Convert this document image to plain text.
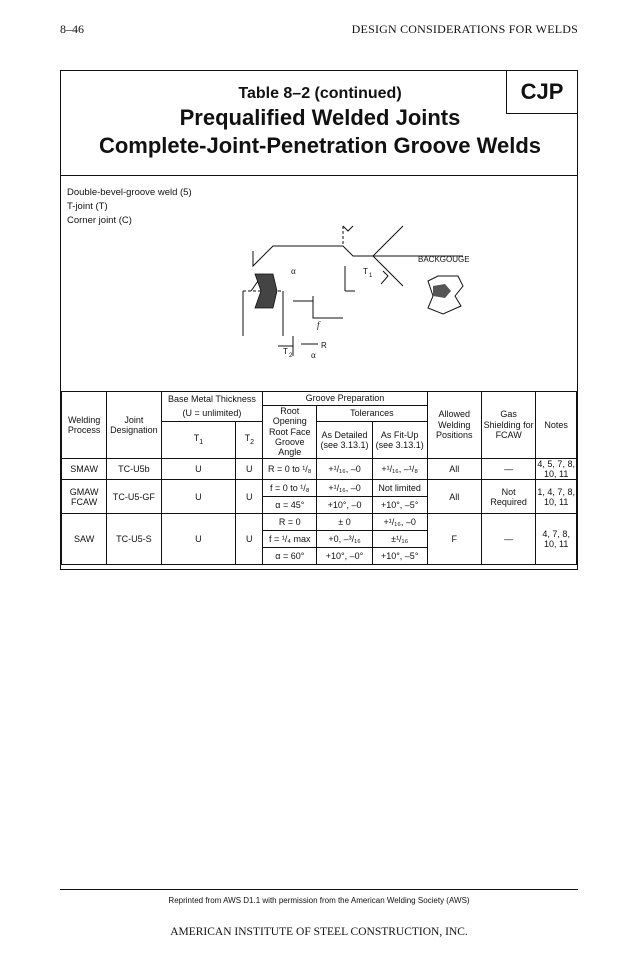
8–46	DESIGN CONSIDERATIONS FOR WELDS
CJP
Table 8–2 (continued)
Prequalified Welded Joints
Complete-Joint-Penetration Groove Welds
Double-bevel-groove weld (5)
T-joint (T)
Corner joint (C)
BACKGOUGE
α
α
T 1
T 2
f
R
Welding Process	Joint Designation	Base Metal Thickness		Groove Preparation			Allowed Welding Positions	Gas Shielding for FCAW	Notes
		(U = unlimited)		Root Opening Root Face Groove Angle	Tolerances				
		$T_1$	$T_2$		As Detailed (see 3.13.1)	As Fit-Up (see 3.13.1)			
SMAW	TC-U5b	U	U	R = 0 to ¹/₈	+¹/₁₆, –0	+¹/₁₆, –¹/₈	All	—	4, 5, 7, 8, 10, 11
GMAW FCAW	TC-U5-GF	U	U	f = 0 to ¹/₈	+¹/₁₆, –0	Not limited	All	Not Required	1, 4, 7, 8, 10, 11
				α = 45°	+10°, –0	+10°, –5°			
SAW	TC-U5-S	U	U	R = 0	± 0	+¹/₁₆, –0	F	—	4, 7, 8, 10, 11
				f = ¹/₄ max	+0, –³/₁₆	±¹/₁₆			
				α = 60°	+10°, –0°	+10°, –5°			
Reprinted from AWS D1.1 with permission from the American Welding Society (AWS)
AMERICAN INSTITUTE OF STEEL CONSTRUCTION, INC.
